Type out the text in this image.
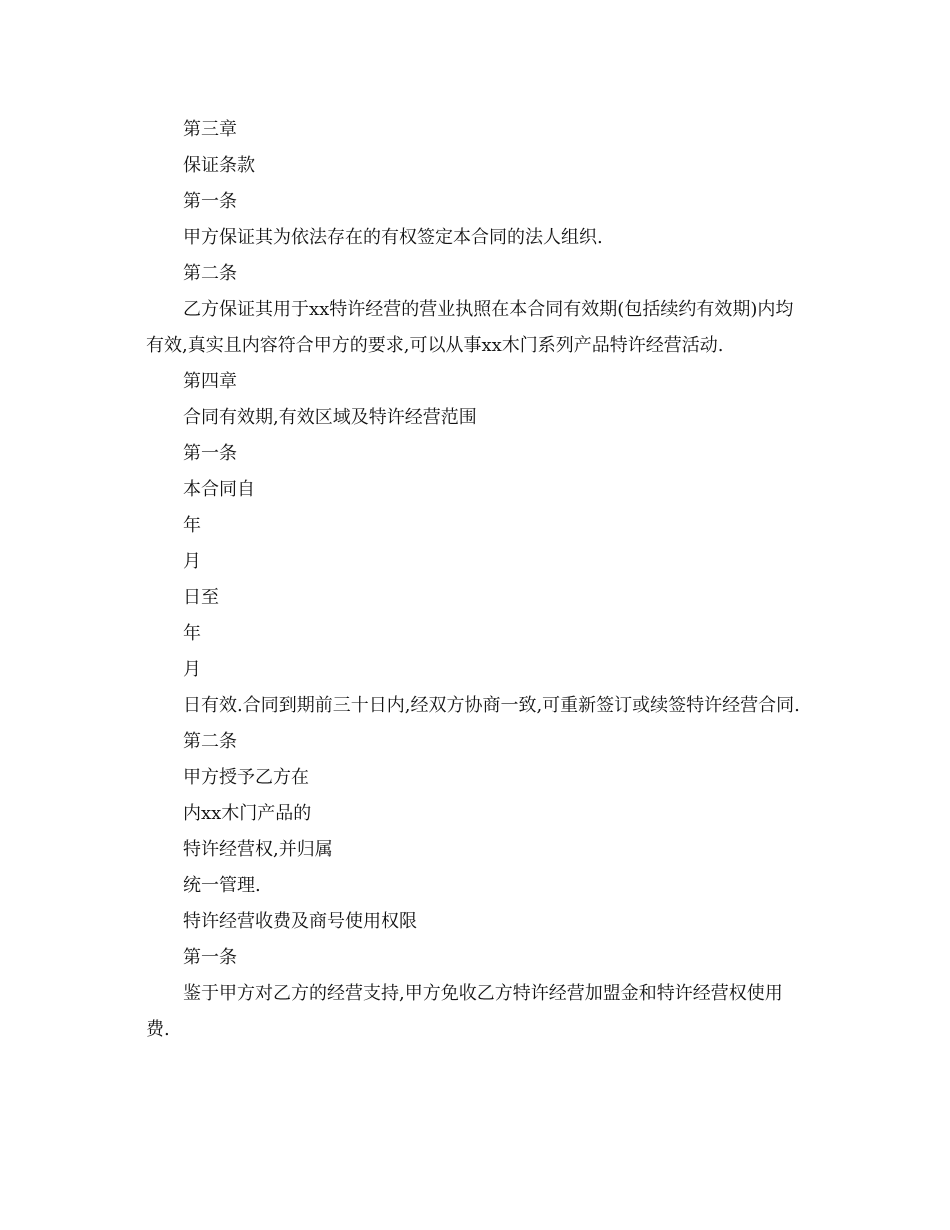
第三章

保证条款

第一条

甲方保证其为依法存在的有权签定本合同的法人组织.

第二条

乙方保证其用于xx特许经营的营业执照在本合同有效期(包括续约有效期)内均有效,真实且内容符合甲方的要求,可以从事xx木门系列产品特许经营活动.

第四章

合同有效期,有效区域及特许经营范围

第一条

本合同自

年

月

日至

年

月

日有效.合同到期前三十日内,经双方协商一致,可重新签订或续签特许经营合同.

第二条

甲方授予乙方在

内xx木门产品的

特许经营权,并归属

统一管理.

特许经营收费及商号使用权限

第一条

鉴于甲方对乙方的经营支持,甲方免收乙方特许经营加盟金和特许经营权使用费.
